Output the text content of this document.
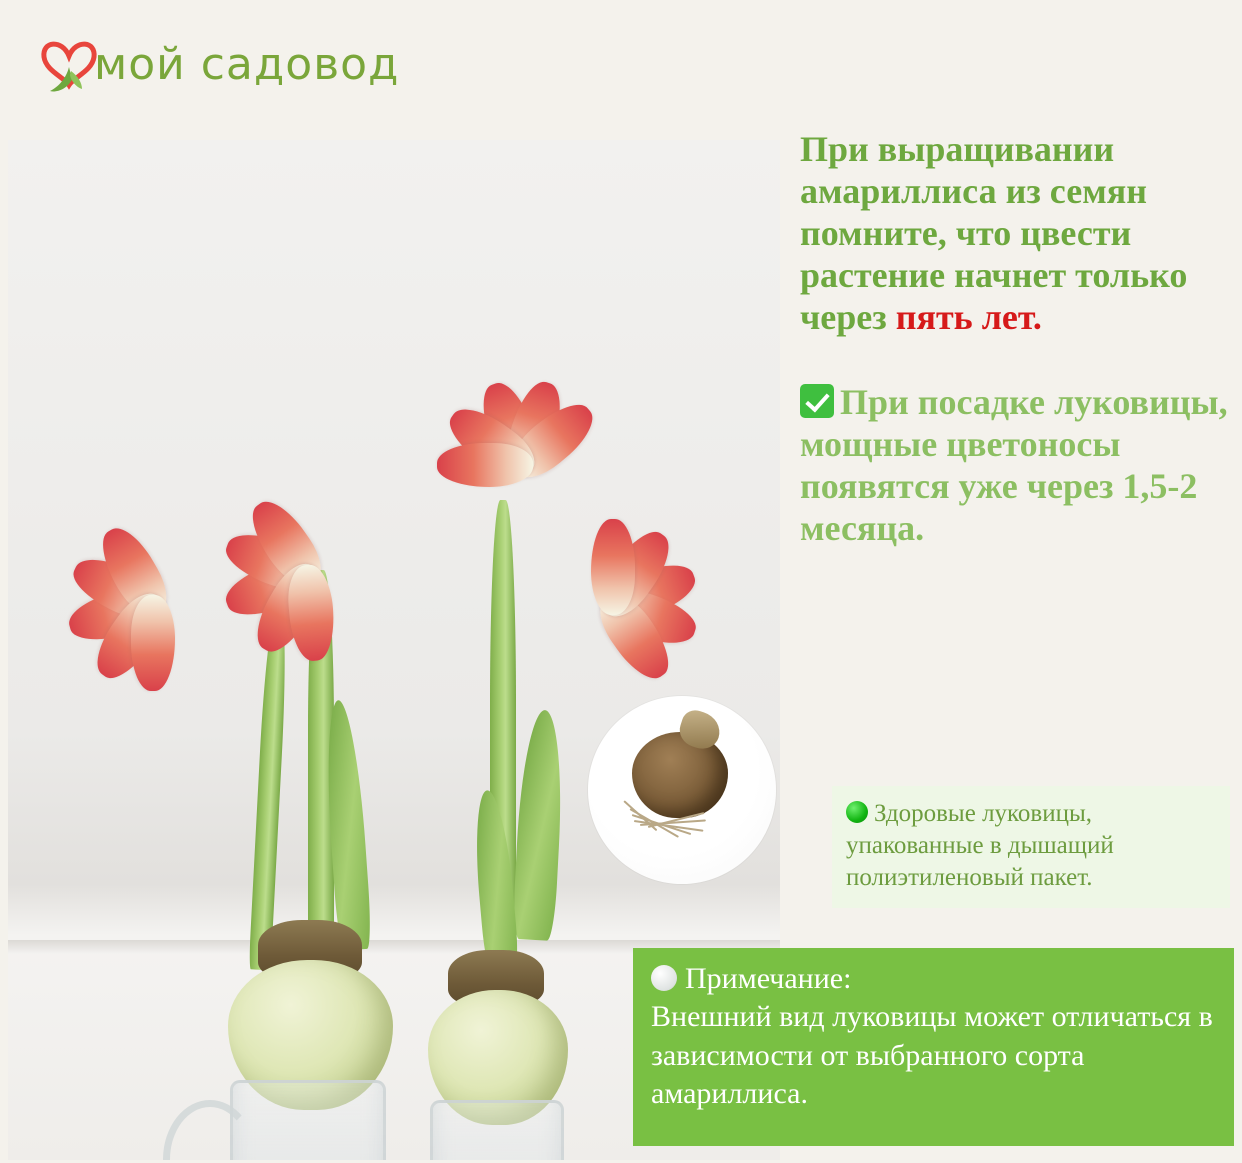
мой садовод

При выращивании амариллиса из семян помните, что цвести растение начнет только через пять лет.

При посадке луковицы, мощные цветоносы появятся уже через 1,5-2 месяца.

Здоровые луковицы, упакованные в дышащий полиэтиленовый пакет.
Примечание:
Внешний вид луковицы может отличаться в зависимости от выбранного сорта амариллиса.
